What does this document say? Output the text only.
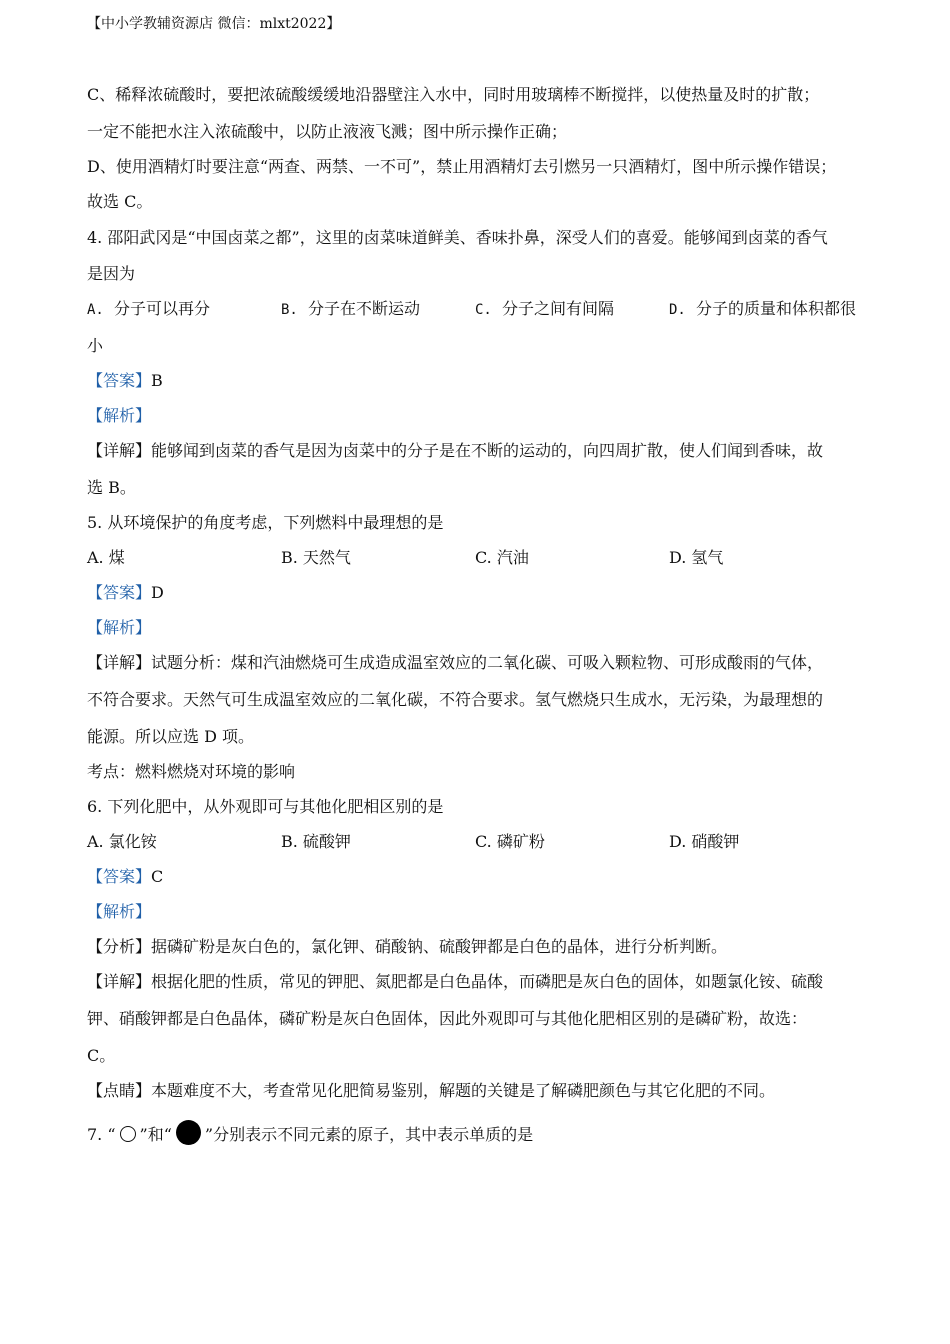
【中小学教辅资源店 微信：mlxt2022】
C、稀释浓硫酸时，要把浓硫酸缓缓地沿器壁注入水中，同时用玻璃棒不断搅拌，以使热量及时的扩散；
一定不能把水注入浓硫酸中，以防止液液飞溅；图中所示操作正确；
D、使用酒精灯时要注意“两查、两禁、一不可”，禁止用酒精灯去引燃另一只酒精灯，图中所示操作错误；
故选 C。
4. 邵阳武冈是“中国卤菜之都”，这里的卤菜味道鲜美、香味扑鼻，深受人们的喜爱。能够闻到卤菜的香气
是因为
A. 分子可以再分	B. 分子在不断运动	C. 分子之间有间隔	D. 分子的质量和体积都很
小
【答案】B
【解析】
【详解】能够闻到卤菜的香气是因为卤菜中的分子是在不断的运动的，向四周扩散，使人们闻到香味，故
选 B。
5. 从环境保护的角度考虑，下列燃料中最理想的是
A. 煤	B. 天然气	C. 汽油	D. 氢气
【答案】D
【解析】
【详解】试题分析：煤和汽油燃烧可生成造成温室效应的二氧化碳、可吸入颗粒物、可形成酸雨的气体，
不符合要求。天然气可生成温室效应的二氧化碳，不符合要求。氢气燃烧只生成水，无污染，为最理想的
能源。所以应选 D 项。
考点：燃料燃烧对环境的影响
6. 下列化肥中，从外观即可与其他化肥相区别的是
A. 氯化铵	B. 硫酸钾	C. 磷矿粉	D. 硝酸钾
【答案】C
【解析】
【分析】据磷矿粉是灰白色的，氯化钾、硝酸钠、硫酸钾都是白色的晶体，进行分析判断。
【详解】根据化肥的性质，常见的钾肥、氮肥都是白色晶体，而磷肥是灰白色的固体，如题氯化铵、硫酸
钾、硝酸钾都是白色晶体，磷矿粉是灰白色固体，因此外观即可与其他化肥相区别的是磷矿粉，故选：
C。
【点睛】本题难度不大，考查常见化肥简易鉴别，解题的关键是了解磷肥颜色与其它化肥的不同。
7. “ ”和“ ”分别表示不同元素的原子，其中表示单质的是
